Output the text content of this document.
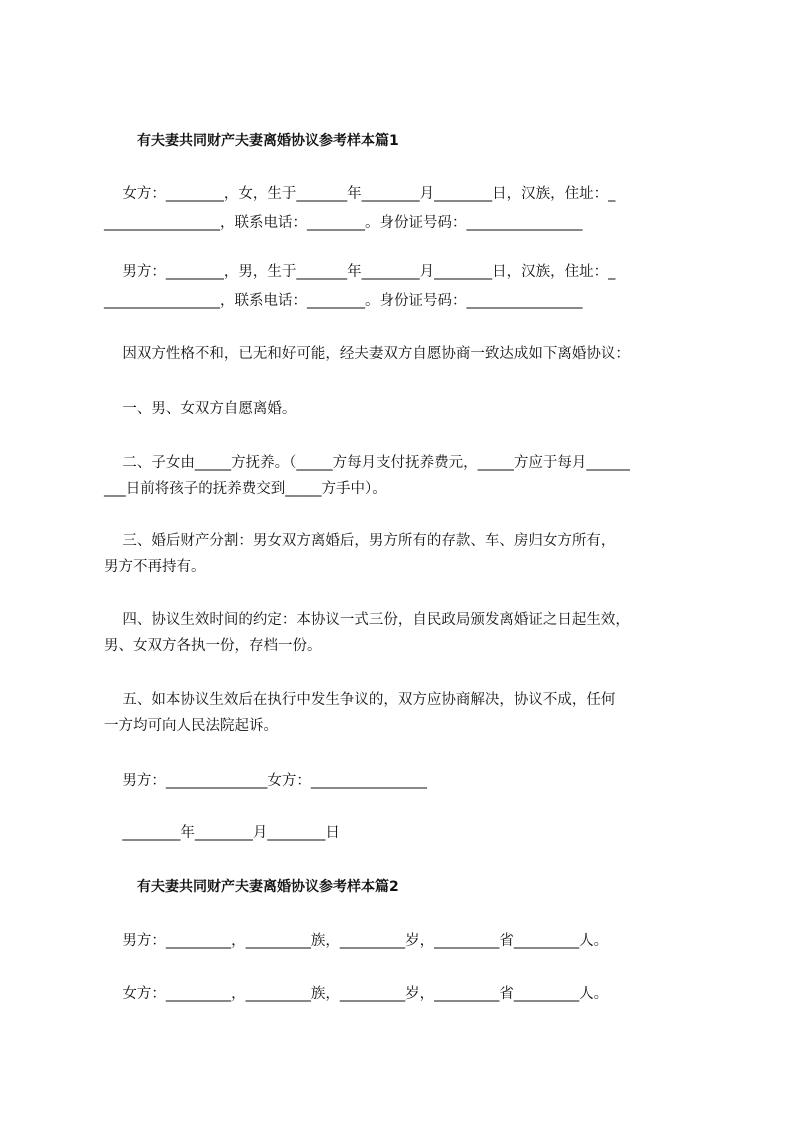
有夫妻共同财产夫妻离婚协议参考样本篇1
女方：________，女，生于_______年________月________日，汉族，住址：_
________________，联系电话：________。身份证号码：________________
男方：________，男，生于_______年________月________日，汉族，住址：_
________________，联系电话：________。身份证号码：________________
因双方性格不和，已无和好可能，经夫妻双方自愿协商一致达成如下离婚协议：
一、男、女双方自愿离婚。
二、子女由_____方抚养。（_____方每月支付抚养费元，_____方应于每月______
___日前将孩子的抚养费交到_____方手中）。
三、婚后财产分割：男女双方离婚后，男方所有的存款、车、房归女方所有，
男方不再持有。
四、协议生效时间的约定：本协议一式三份，自民政局颁发离婚证之日起生效，
男、女双方各执一份，存档一份。
五、如本协议生效后在执行中发生争议的，双方应协商解决，协议不成，任何
一方均可向人民法院起诉。
男方：______________女方：________________
________年________月________日
有夫妻共同财产夫妻离婚协议参考样本篇2
男方：_________，_________族，_________岁，_________省_________人。
女方：_________，_________族，_________岁，_________省_________人。
